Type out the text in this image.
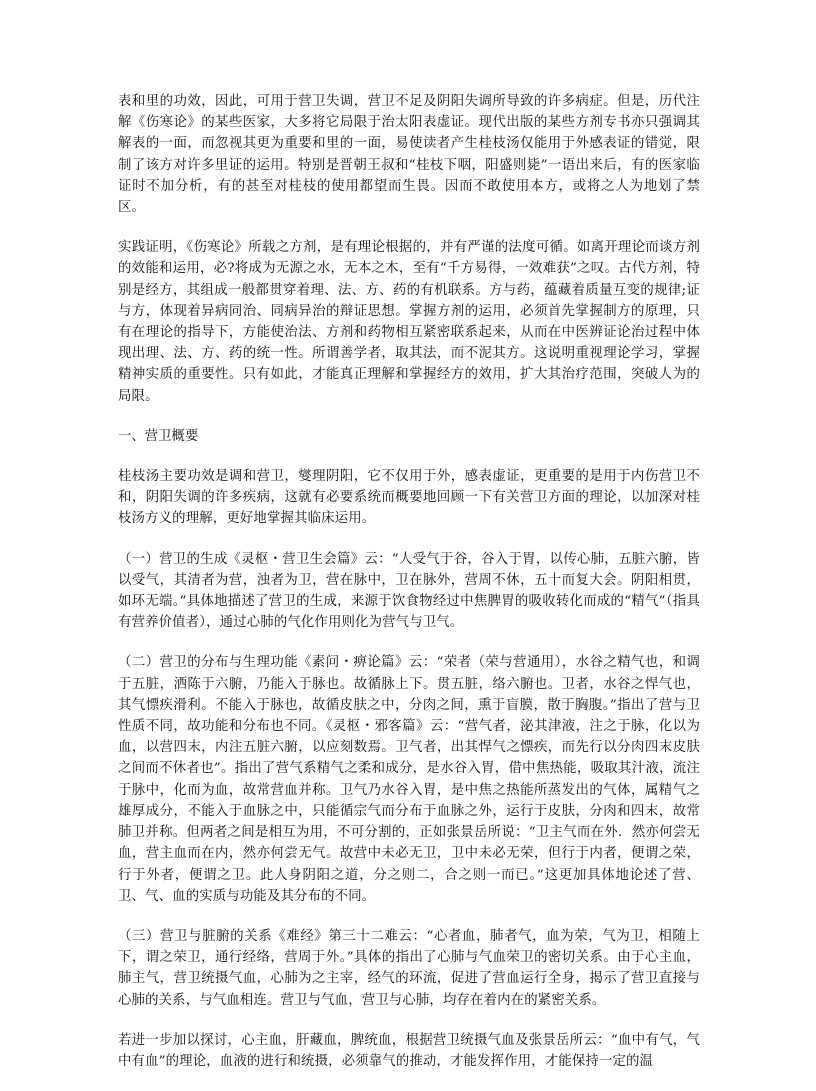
表和里的功效，因此，可用于营卫失调，营卫不足及阴阳失调所导致的许多病症。但是，历代注解《伤寒论》的某些医家，大多将它局限于治太阳表虚证。现代出版的某些方剂专书亦只强调其解表的一面，而忽视其更为重要和里的一面，易使读者产生桂枝汤仅能用于外感表证的错觉，限制了该方对许多里证的运用。特别是晋朝王叔和“桂枝下咽，阳盛则毙”一语出来后，有的医家临证时不加分析，有的甚至对桂枝的使用都望而生畏。因而不敢使用本方，或将之人为地划了禁区。

实践证明，《伤寒论》所载之方剂，是有理论根据的，并有严谨的法度可循。如离开理论而谈方剂的效能和运用，必?将成为无源之水，无本之木，至有“千方易得，一效难获”之叹。古代方剂，特别是经方，其组成一般都贯穿着理、法、方、药的有机联系。方与药，蕴藏着质量互变的规律;证与方，体现着异病同治、同病异治的辩证思想。掌握方剂的运用，必须首先掌握制方的原理，只有在理论的指导下，方能使治法、方剂和药物相互紧密联系起来，从而在中医辨证论治过程中体现出理、法、方、药的统一性。所谓善学者，取其法，而不泥其方。这说明重视理论学习，掌握精神实质的重要性。只有如此，才能真正理解和掌握经方的效用，扩大其治疗范围，突破人为的局限。

一、营卫概要

桂枝汤主要功效是调和营卫，燮理阴阳，它不仅用于外，感表虚证，更重要的是用于内伤营卫不和，阴阳失调的许多疾病，这就有必要系统而概要地回顾一下有关营卫方面的理论，以加深对桂枝汤方义的理解，更好地掌握其临床运用。

（一）营卫的生成《灵枢・营卫生会篇》云：“人受气于谷，谷入于胃，以传心肺，五脏六腑，皆以受气，其清者为营，浊者为卫，营在脉中，卫在脉外，营周不休，五十而复大会。阴阳相贯，如环无端。”具体地描述了营卫的生成，来源于饮食物经过中焦脾胃的吸收转化而成的“精气”（指具有营养价值者），通过心肺的气化作用则化为营气与卫气。

（二）营卫的分布与生理功能《素问・痹论篇》云：“荣者（荣与营通用），水谷之精气也，和调于五脏，洒陈于六腑，乃能入于脉也。故循脉上下。贯五脏，络六腑也。卫者，水谷之悍气也，其气慓疾滑利。不能入于脉也，故循皮肤之中，分肉之间，熏于盲膜，散于胸腹。”指出了营与卫性质不同，故功能和分布也不同。《灵枢・邪客篇》云：“营气者，泌其津液，注之于脉，化以为血，以营四末，内注五脏六腑，以应刻数焉。卫气者，出其悍气之慓疾，而先行以分肉四末皮肤之间而不休者也”。指出了营气系精气之柔和成分，是水谷入胃，借中焦热能，吸取其汁液，流注于脉中，化而为血，故常营血并称。卫气乃水谷入胃，是中焦之热能所蒸发出的气体，属精气之雄厚成分，不能入于血脉之中，只能循宗气而分布于血脉之外，运行于皮肤，分肉和四末，故常肺卫并称。但两者之间是相互为用，不可分割的，正如张景岳所说：“卫主气而在外．然亦何尝无血，营主血而在内，然亦何尝无气。故营中未必无卫，卫中未必无荣，但行于内者，便谓之荣，行于外者，便谓之卫。此人身阴阳之道，分之则二，合之则一而已。”这更加具体地论述了营、卫、气、血的实质与功能及其分布的不同。

（三）营卫与脏腑的关系《难经》第三十二难云：“心者血，肺者气，血为荣，气为卫，相随上下，谓之荣卫，通行经络，营周于外。”具体的指出了心肺与气血荣卫的密切关系。由于心主血，肺主气，营卫统摄气血，心肺为之主宰，经气的环流，促进了营血运行全身，揭示了营卫直接与心肺的关系，与气血相连。营卫与气血，营卫与心肺，均存在着内在的紧密关系。

若进一步加以探讨，心主血，肝藏血，脾统血，根据营卫统摄气血及张景岳所云：“血中有气，气中有血”的理论，血液的进行和统摄，必须靠气的推动，才能发挥作用，才能保持一定的温
